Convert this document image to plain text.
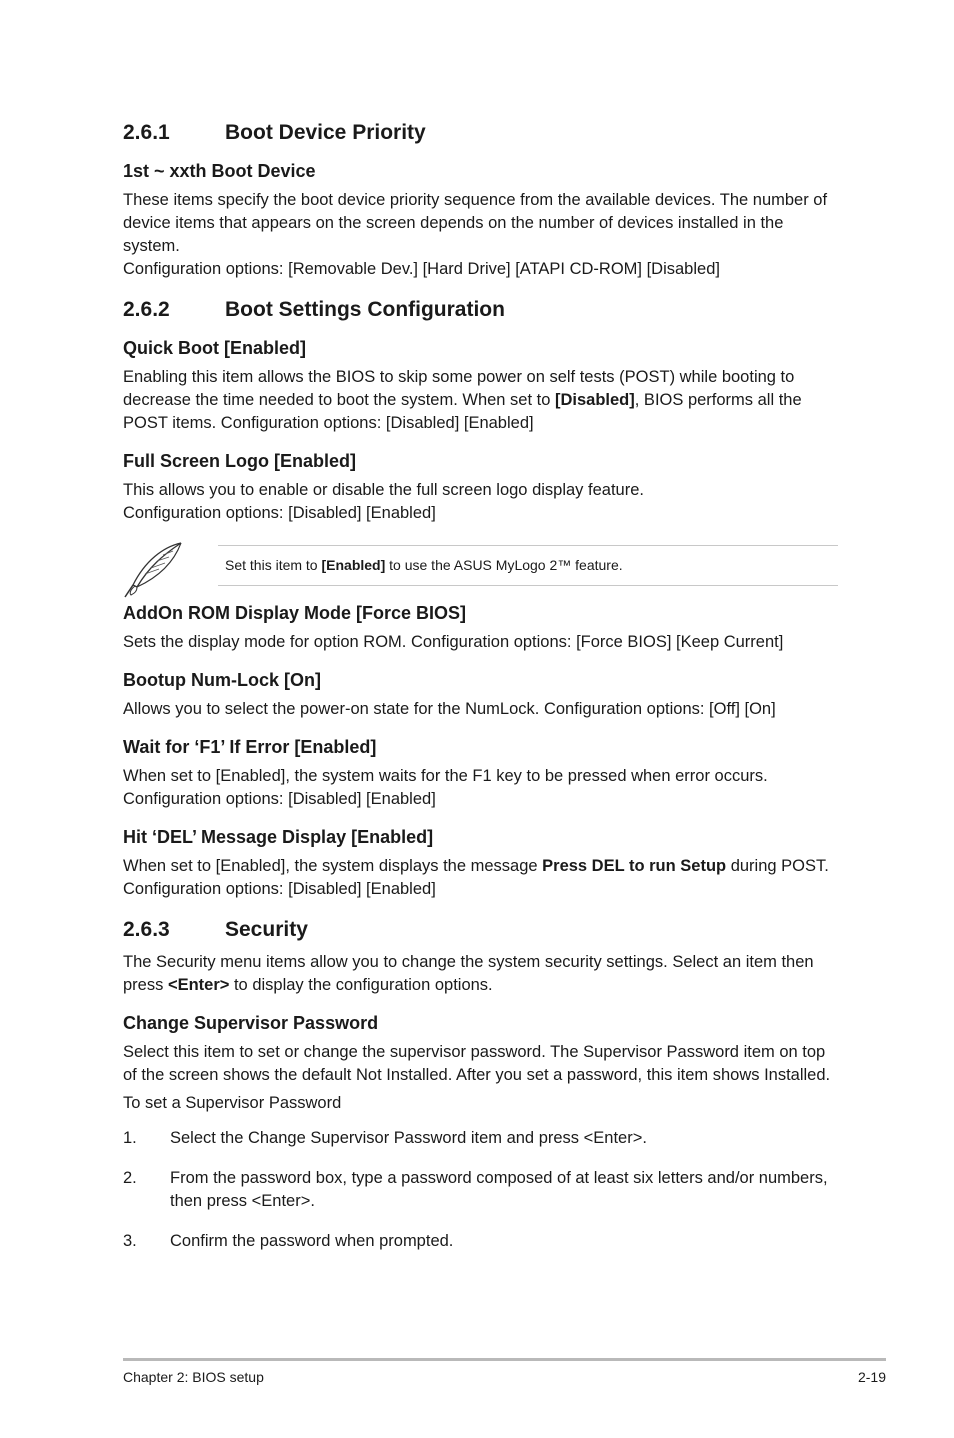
2.6.1	Boot Device Priority
1st ~ xxth Boot Device

These items specify the boot device priority sequence from the available devices. The number of device items that appears on the screen depends on the number of devices installed in the system.

Configuration options: [Removable Dev.] [Hard Drive] [ATAPI CD-ROM] [Disabled]

2.6.2	Boot Settings Configuration
Quick Boot [Enabled]

Enabling this item allows the BIOS to skip some power on self tests (POST) while booting to decrease the time needed to boot the system. When set to [Disabled], BIOS performs all the POST items. Configuration options: [Disabled] [Enabled]

Full Screen Logo [Enabled]

This allows you to enable or disable the full screen logo display feature.

Configuration options: [Disabled] [Enabled]

Set this item to [Enabled] to use the ASUS MyLogo 2™ feature.
AddOn ROM Display Mode [Force BIOS]

Sets the display mode for option ROM. Configuration options: [Force BIOS] [Keep Current]

Bootup Num-Lock [On]

Allows you to select the power-on state for the NumLock. Configuration options: [Off] [On]

Wait for ‘F1’ If Error [Enabled]

When set to [Enabled], the system waits for the F1 key to be pressed when error occurs.

Configuration options: [Disabled] [Enabled]

Hit ‘DEL’ Message Display [Enabled]

When set to [Enabled], the system displays the message Press DEL to run Setup during POST. Configuration options: [Disabled] [Enabled]

2.6.3	Security

The Security menu items allow you to change the system security settings. Select an item then press <Enter> to display the configuration options.

Change Supervisor Password

Select this item to set or change the supervisor password. The Supervisor Password item on top of the screen shows the default Not Installed. After you set a password, this item shows Installed.

To set a Supervisor Password

1.	Select the Change Supervisor Password item and press <Enter>.
2.	From the password box, type a password composed of at least six letters and/or numbers, then press <Enter>.
3.	Confirm the password when prompted.
Chapter 2: BIOS setup	2-19
